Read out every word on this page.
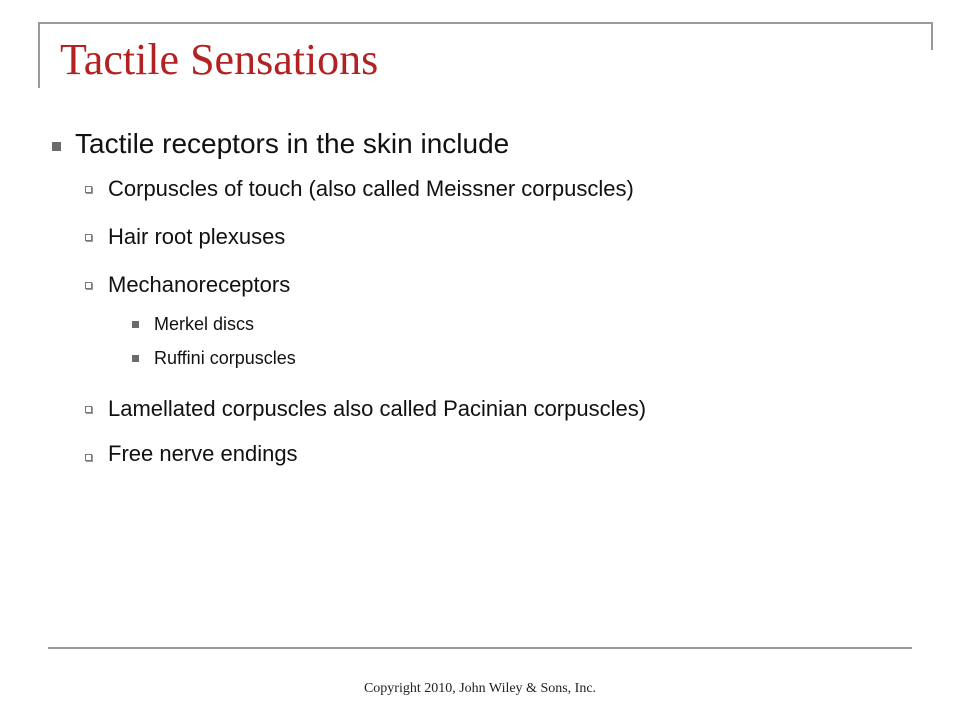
Tactile Sensations
Tactile receptors in the skin include
Corpuscles of touch (also called Meissner corpuscles)
Hair root plexuses
Mechanoreceptors
Merkel discs
Ruffini corpuscles
Lamellated corpuscles also called Pacinian corpuscles)
Free nerve endings
Copyright 2010, John Wiley & Sons, Inc.
